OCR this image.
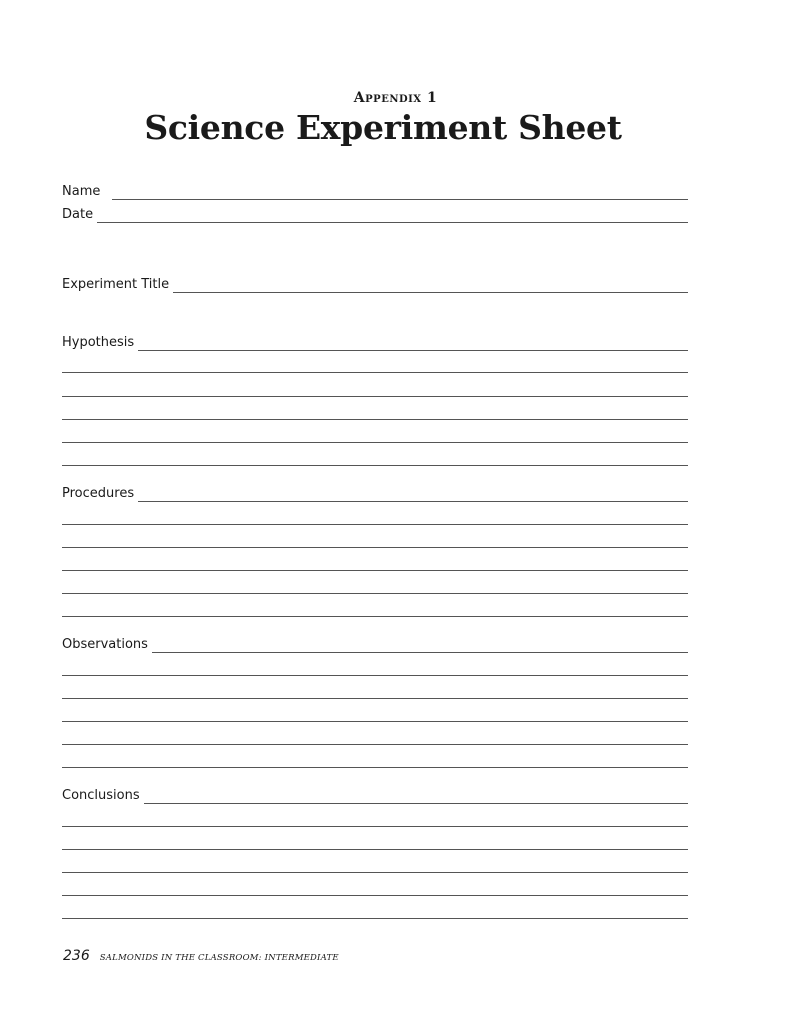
Appendix 1
Science Experiment Sheet
Name
Date
Experiment Title
Hypothesis
Procedures
Observations
Conclusions
236 SALMONIDS IN THE CLASSROOM: INTERMEDIATE
